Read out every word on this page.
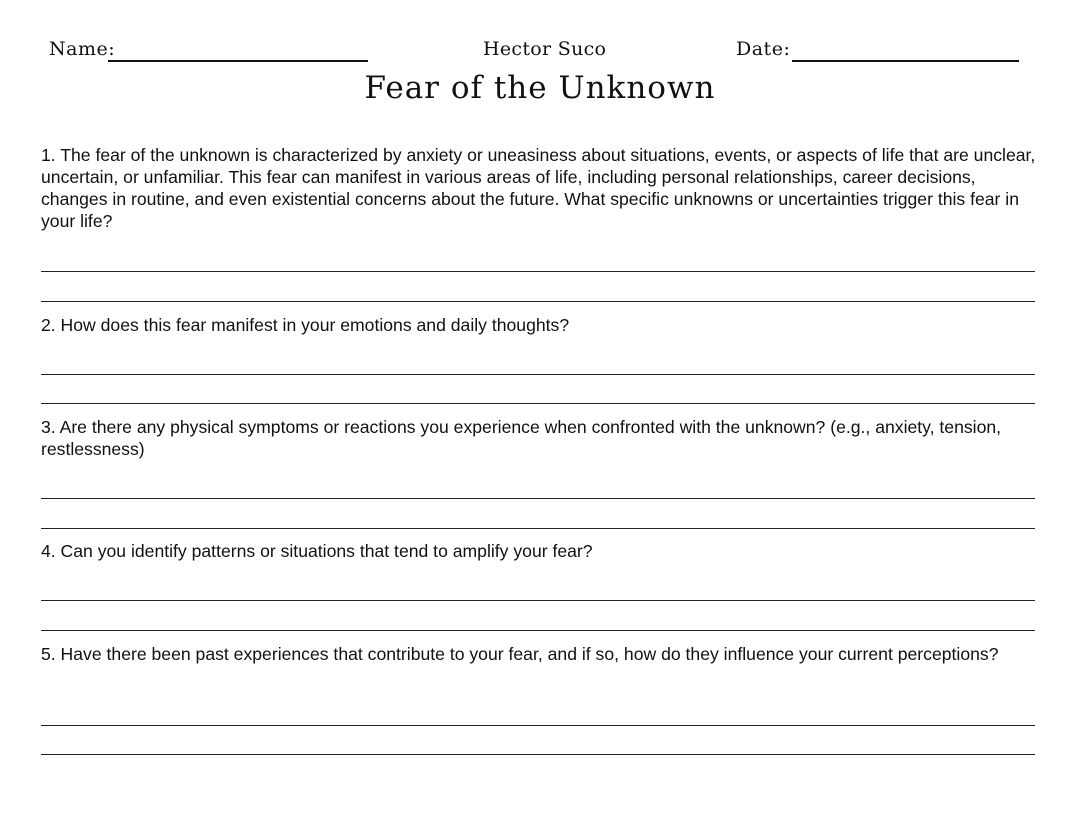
Name:	Hector Suco	Date:
Fear of the Unknown

1. The fear of the unknown is characterized by anxiety or uneasiness about situations, events, or aspects of life that are unclear, uncertain, or unfamiliar. This fear can manifest in various areas of life, including personal relationships, career decisions, changes in routine, and even existential concerns about the future. What specific unknowns or uncertainties trigger this fear in your life?

2. How does this fear manifest in your emotions and daily thoughts?

3. Are there any physical symptoms or reactions you experience when confronted with the unknown? (e.g., anxiety, tension, restlessness)

4. Can you identify patterns or situations that tend to amplify your fear?

5. Have there been past experiences that contribute to your fear, and if so, how do they influence your current perceptions?
